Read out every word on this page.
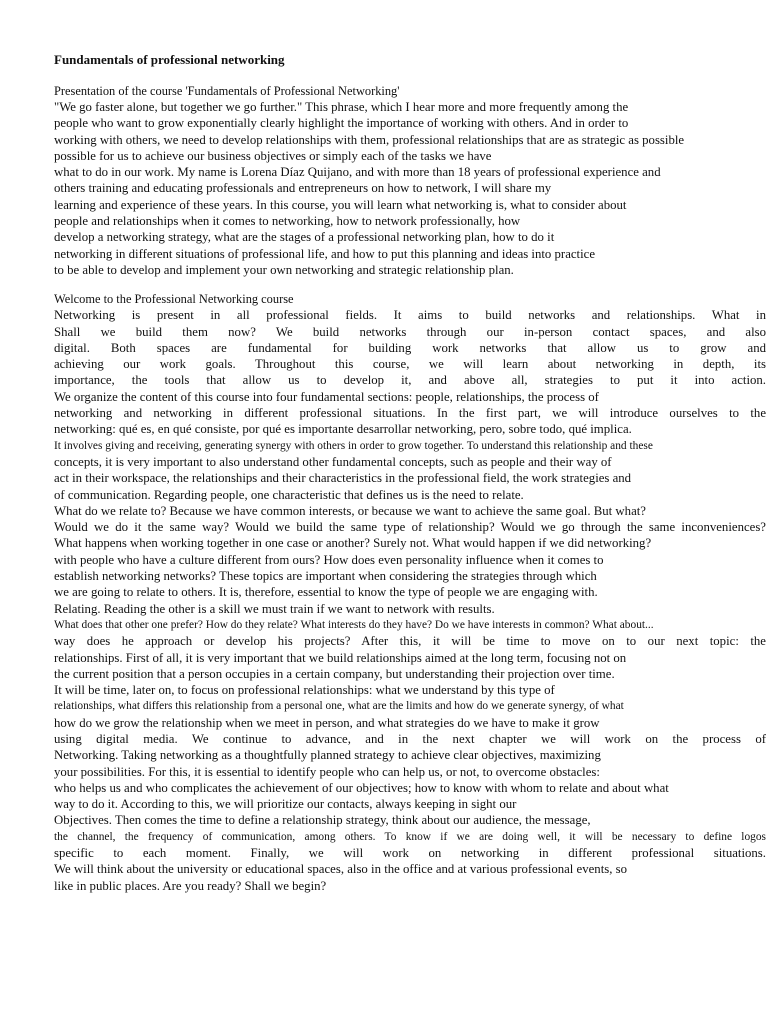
Fundamentals of professional networking
Presentation of the course 'Fundamentals of Professional Networking'
"We go faster alone, but together we go further." This phrase, which I hear more and more frequently among the
people who want to grow exponentially clearly highlight the importance of working with others. And in order to
working with others, we need to develop relationships with them, professional relationships that are as strategic as possible
possible for us to achieve our business objectives or simply each of the tasks we have
what to do in our work. My name is Lorena Díaz Quijano, and with more than 18 years of professional experience and
others training and educating professionals and entrepreneurs on how to network, I will share my
learning and experience of these years. In this course, you will learn what networking is, what to consider about
people and relationships when it comes to networking, how to network professionally, how
develop a networking strategy, what are the stages of a professional networking plan, how to do it
networking in different situations of professional life, and how to put this planning and ideas into practice
to be able to develop and implement your own networking and strategic relationship plan.
Welcome to the Professional Networking course
Networking is present in all professional fields. It aims to build networks and relationships. What in
Shall we build them now? We build networks through our in-person contact spaces, and also
digital. Both spaces are fundamental for building work networks that allow us to grow and
achieving our work goals. Throughout this course, we will learn about networking in depth, its
importance, the tools that allow us to develop it, and above all, strategies to put it into action.
We organize the content of this course into four fundamental sections: people, relationships, the process of
networking and networking in different professional situations. In the first part, we will introduce ourselves to the
networking: qué es, en qué consiste, por qué es importante desarrollar networking, pero, sobre todo, qué implica.
It involves giving and receiving, generating synergy with others in order to grow together. To understand this relationship and these
concepts, it is very important to also understand other fundamental concepts, such as people and their way of
act in their workspace, the relationships and their characteristics in the professional field, the work strategies and
of communication. Regarding people, one characteristic that defines us is the need to relate.
What do we relate to? Because we have common interests, or because we want to achieve the same goal. But what?
Would we do it the same way? Would we build the same type of relationship? Would we go through the same inconveniences?
What happens when working together in one case or another? Surely not. What would happen if we did networking?
with people who have a culture different from ours? How does even personality influence when it comes to
establish networking networks? These topics are important when considering the strategies through which
we are going to relate to others. It is, therefore, essential to know the type of people we are engaging with.
Relating. Reading the other is a skill we must train if we want to network with results.
What does that other one prefer? How do they relate? What interests do they have? Do we have interests in common? What about...
way does he approach or develop his projects? After this, it will be time to move on to our next topic: the
relationships. First of all, it is very important that we build relationships aimed at the long term, focusing not on
the current position that a person occupies in a certain company, but understanding their projection over time.
It will be time, later on, to focus on professional relationships: what we understand by this type of
relationships, what differs this relationship from a personal one, what are the limits and how do we generate synergy, of what
how do we grow the relationship when we meet in person, and what strategies do we have to make it grow
using digital media. We continue to advance, and in the next chapter we will work on the process of
Networking. Taking networking as a thoughtfully planned strategy to achieve clear objectives, maximizing
your possibilities. For this, it is essential to identify people who can help us, or not, to overcome obstacles:
who helps us and who complicates the achievement of our objectives; how to know with whom to relate and about what
way to do it. According to this, we will prioritize our contacts, always keeping in sight our
Objectives. Then comes the time to define a relationship strategy, think about our audience, the message,
the channel, the frequency of communication, among others. To know if we are doing well, it will be necessary to define logos
specific to each moment. Finally, we will work on networking in different professional situations.
We will think about the university or educational spaces, also in the office and at various professional events, so
like in public places. Are you ready? Shall we begin?
